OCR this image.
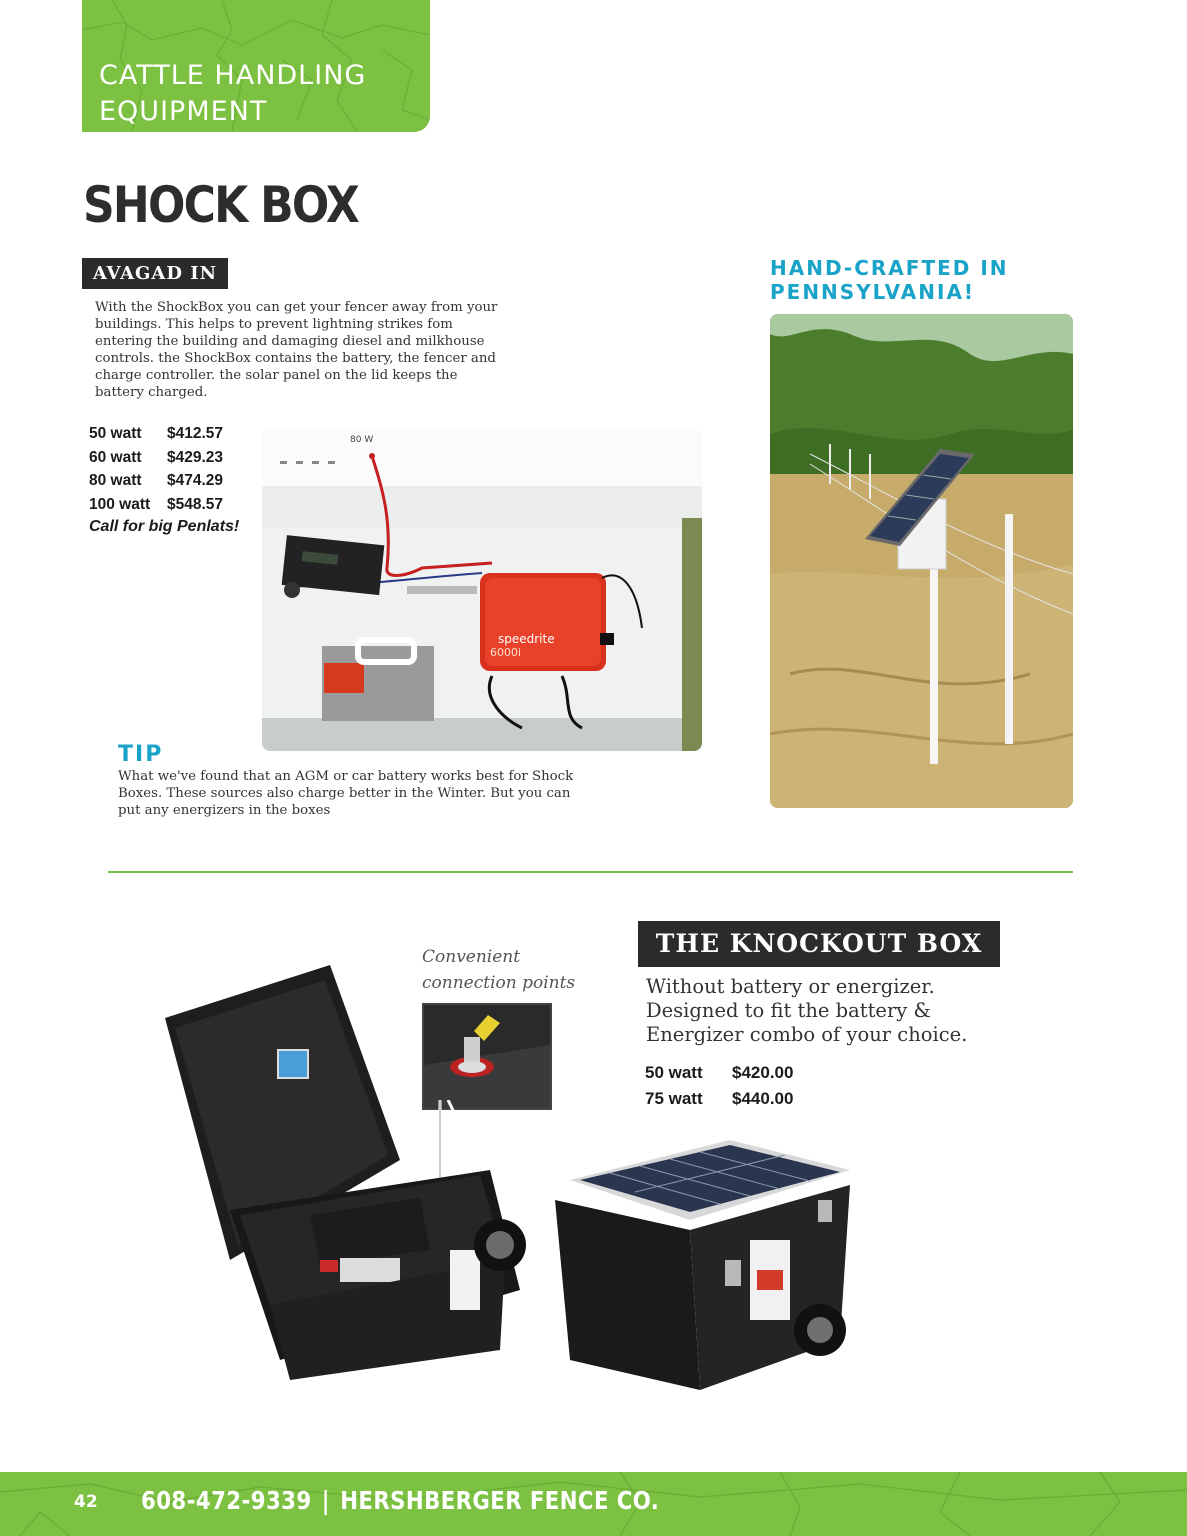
CATTLE HANDLING
EQUIPMENT
SHOCK BOX
AVAGAD IN
With the ShockBox you can get your fencer away from your buildings. This helps to prevent lightning strikes fom entering the building and damaging diesel and milkhouse controls. the ShockBox contains the battery, the fencer and charge controller. the solar panel on the lid keeps the battery charged.
50 watt	$412.57
60 watt	$429.23
80 watt	$474.29
100 watt	$548.57
Call for big Penlats!
80 W
speedrite
6000i
HAND-CRAFTED IN
PENNSYLVANIA!
TIP
What we've found that an AGM or car battery works best for Shock Boxes. These sources also charge better in the Winter. But you can put any energizers in the boxes
THE KNOCKOUT BOX
Without battery or energizer. Designed to fit the battery & Energizer combo of your choice.
50 watt	$420.00
75 watt	$440.00
Convenient
connection points
42 608-472-9339 | HERSHBERGER FENCE CO.
